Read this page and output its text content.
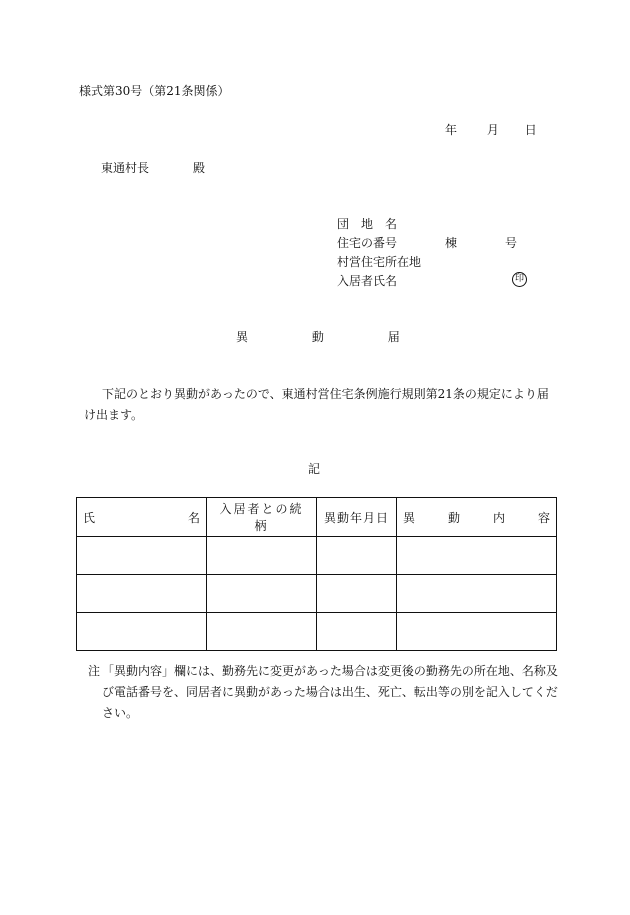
様式第30号（第21条関係）
年 月 日
東通村長	殿
団　地　名
住宅の番号	棟	号
村営住宅所在地
入居者氏名	印
異	動	届
下記のとおり異動があったので、東通村営住宅条例施行規則第21条の規定により届け出ます。
記
氏 名	入居者との続柄	異動年月日	異 動 内 容

注 「異動内容」欄には、勤務先に変更があった場合は変更後の勤務先の所在地、名称及び電話番号を、同居者に異動があった場合は出生、死亡、転出等の別を記入してください。
